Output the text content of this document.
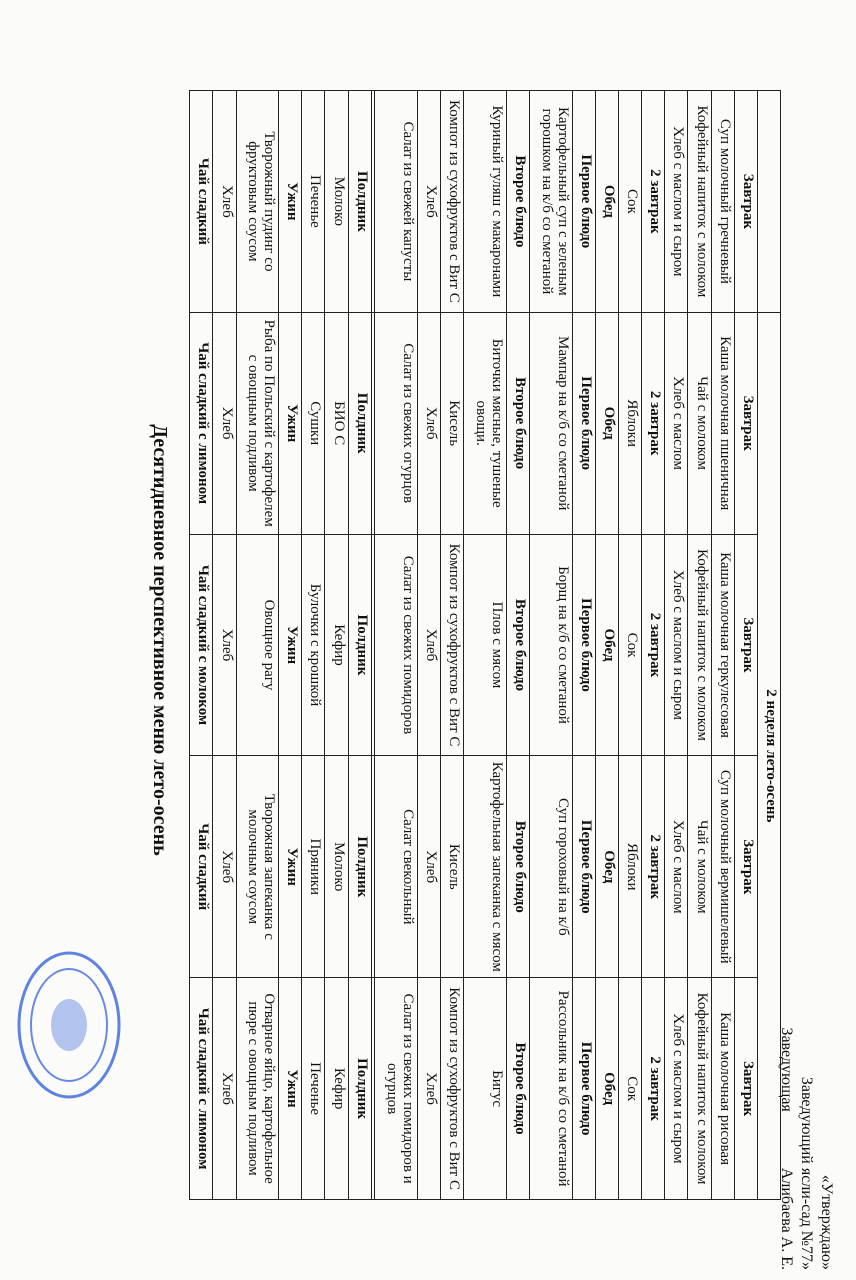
«Утверждаю»
Заведующий ясли-сад №77»
Заведующая ______ Алибаева А. Е.
	2 неделя лето-осень			
Завтрак	Завтрак	Завтрак	Завтрак	Завтрак
Суп молочный гречневый	Каша молочная пшеничная	Каша молочная геркулесовая	Суп молочный вермишелевый	Каша молочная рисовая
Кофейный напиток с молоком	Чай с молоком	Кофейный напиток с молоком	Чай с молоком	Кофейный напиток с молоком
Хлеб с маслом и сыром	Хлеб с маслом	Хлеб с маслом и сыром	Хлеб с маслом	Хлеб с маслом и сыром
2 завтрак	2 завтрак	2 завтрак	2 завтрак	2 завтрак
Сок	Яблоки	Сок	Яблоки	Сок
Обед	Обед	Обед	Обед	Обед
Первое блюдо	Первое блюдо	Первое блюдо	Первое блюдо	Первое блюдо
Картофельный суп с зеленым горошком на к/б со сметаной	Мампар на к/б со сметаной	Борщ на к/б со сметаной	Суп гороховый на к/б	Рассольник на к/б со сметаной
Второе блюдо	Второе блюдо	Второе блюдо	Второе блюдо	Второе блюдо
Куриный гуляш с макаронами	Биточки мясные, тушеные овощи.	Плов с мясом	Картофельная запеканка с мясом	Бигус
Компот из сухофруктов с Вит С	Кисель	Компот из сухофруктов с Вит С	Кисель	Компот из сухофруктов с Вит С
Хлеб	Хлеб	Хлеб	Хлеб	Хлеб
Салат из свежей капусты	Салат из свежих огурцов	Салат из свежих помидоров	Салат свекольный	Салат из свежих помидоров и огурцов

Полдник	Полдник	Полдник	Полдник	Полдник
Молоко	БИО С	Кефир	Молоко	Кефир
Печенье	Сушки	Булочки с крошкой	Пряники	Печенье
Ужин	Ужин	Ужин	Ужин	Ужин
Творожный пудинг со фруктовым соусом	Рыба по Польский с картофелем с овощным подливом	Овощное рагу	Творожная запеканка с молочным соусом	Отварное яйцо, картофельное пюре с овощным подливом
Хлеб	Хлеб	Хлеб	Хлеб	Хлеб
Чай сладкий	Чай сладкий с лимоном	Чай сладкий с молоком	Чай сладкий	Чай сладкий с лимоном
Десятидневное перспективное меню лето-осень
